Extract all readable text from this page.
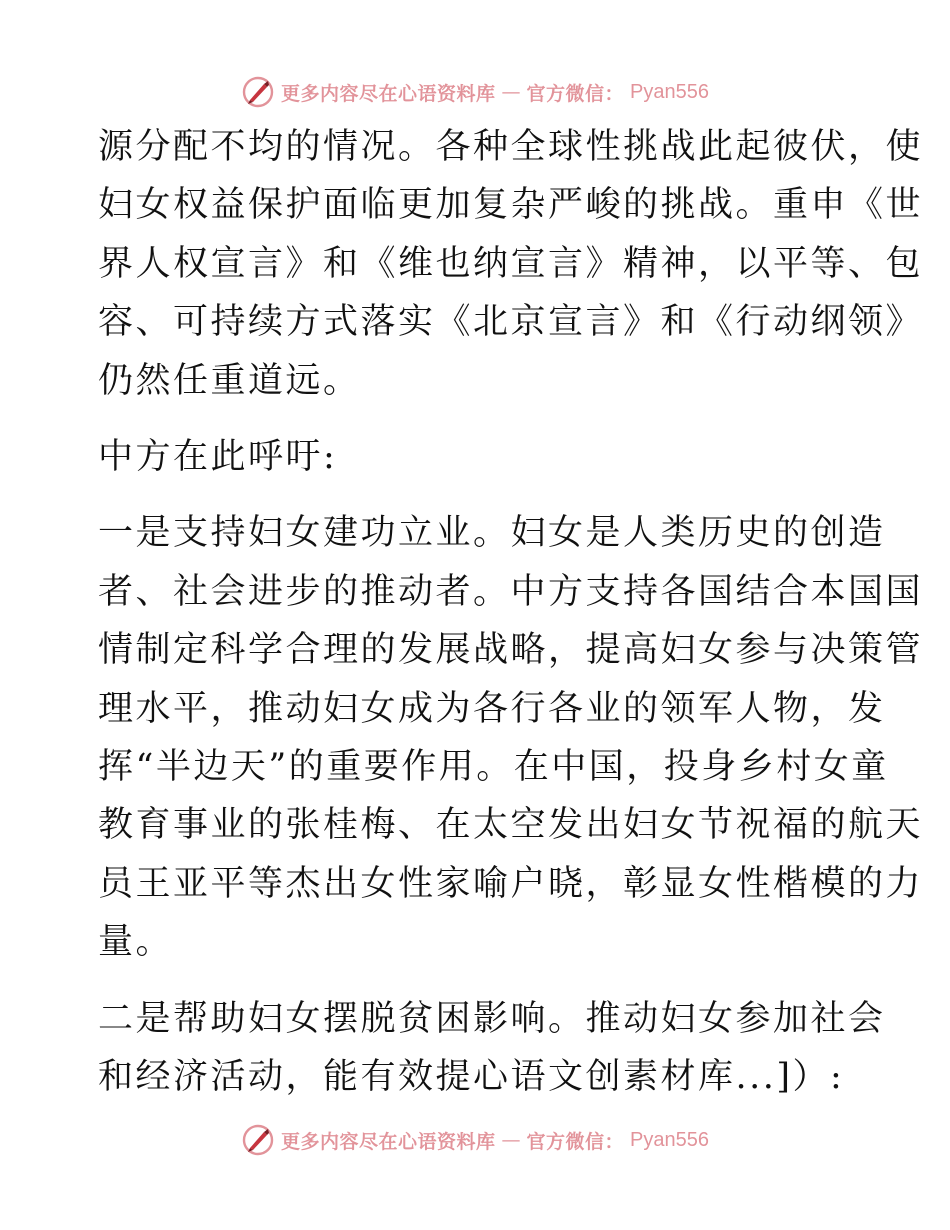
更多内容尽在心语资料库 — 官方微信： Pyan556
源分配不均的情况。各种全球性挑战此起彼伏，使
妇女权益保护面临更加复杂严峻的挑战。重申《世
界人权宣言》和《维也纳宣言》精神，以平等、包
容、可持续方式落实《北京宣言》和《行动纲领》
仍然任重道远。
中方在此呼吁:
一是支持妇女建功立业。妇女是人类历史的创造
者、社会进步的推动者。中方支持各国结合本国国
情制定科学合理的发展战略，提高妇女参与决策管
理水平，推动妇女成为各行各业的领军人物，发
挥“半边天”的重要作用。在中国，投身乡村女童
教育事业的张桂梅、在太空发出妇女节祝福的航天
员王亚平等杰出女性家喻户晓，彰显女性楷模的力
量。
二是帮助妇女摆脱贫困影响。推动妇女参加社会
和经济活动，能有效提心语文创素材库...]）:
更多内容尽在心语资料库 — 官方微信： Pyan556
